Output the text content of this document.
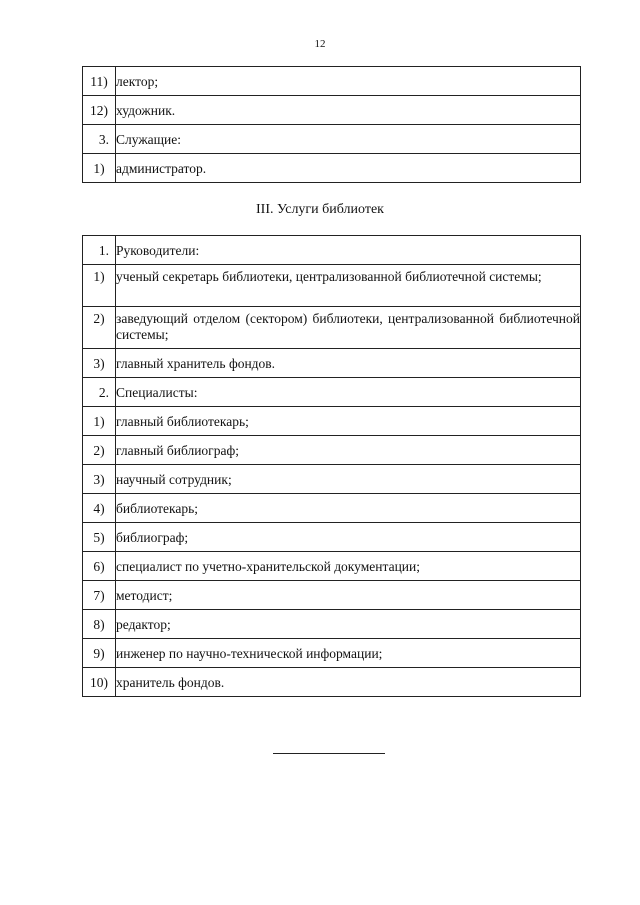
12
11)	лектор;
12)	художник.
3.	Служащие:
1)	администратор.
III. Услуги библиотек
1.	Руководители:
1)	ученый секретарь библиотеки, централизованной библиотечной системы;
2)	заведующий отделом (сектором) библиотеки, централизованной библиотечной системы;
3)	главный хранитель фондов.
2.	Специалисты:
1)	главный библиотекарь;
2)	главный библиограф;
3)	научный сотрудник;
4)	библиотекарь;
5)	библиограф;
6)	специалист по учетно-хранительской документации;
7)	методист;
8)	редактор;
9)	инженер по научно-технической информации;
10)	хранитель фондов.
